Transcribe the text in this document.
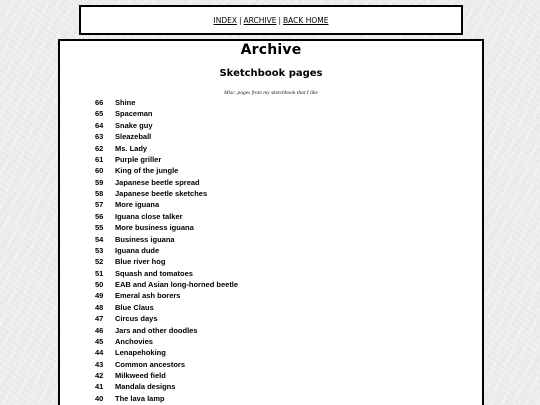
INDEX | ARCHIVE | BACK HOME
Archive
Sketchbook pages
Misc. pages from my sketchbook that I like
66 Shine
65 Spaceman
64 Snake guy
63 Sleazeball
62 Ms. Lady
61 Purple griller
60 King of the jungle
59 Japanese beetle spread
58 Japanese beetle sketches
57 More iguana
56 Iguana close talker
55 More business iguana
54 Business iguana
53 Iguana dude
52 Blue river hog
51 Squash and tomatoes
50 EAB and Asian long-horned beetle
49 Emeral ash borers
48 Blue Claus
47 Circus days
46 Jars and other doodles
45 Anchovies
44 Lenapehoking
43 Common ancestors
42 Milkweed field
41 Mandala designs
40 The lava lamp
